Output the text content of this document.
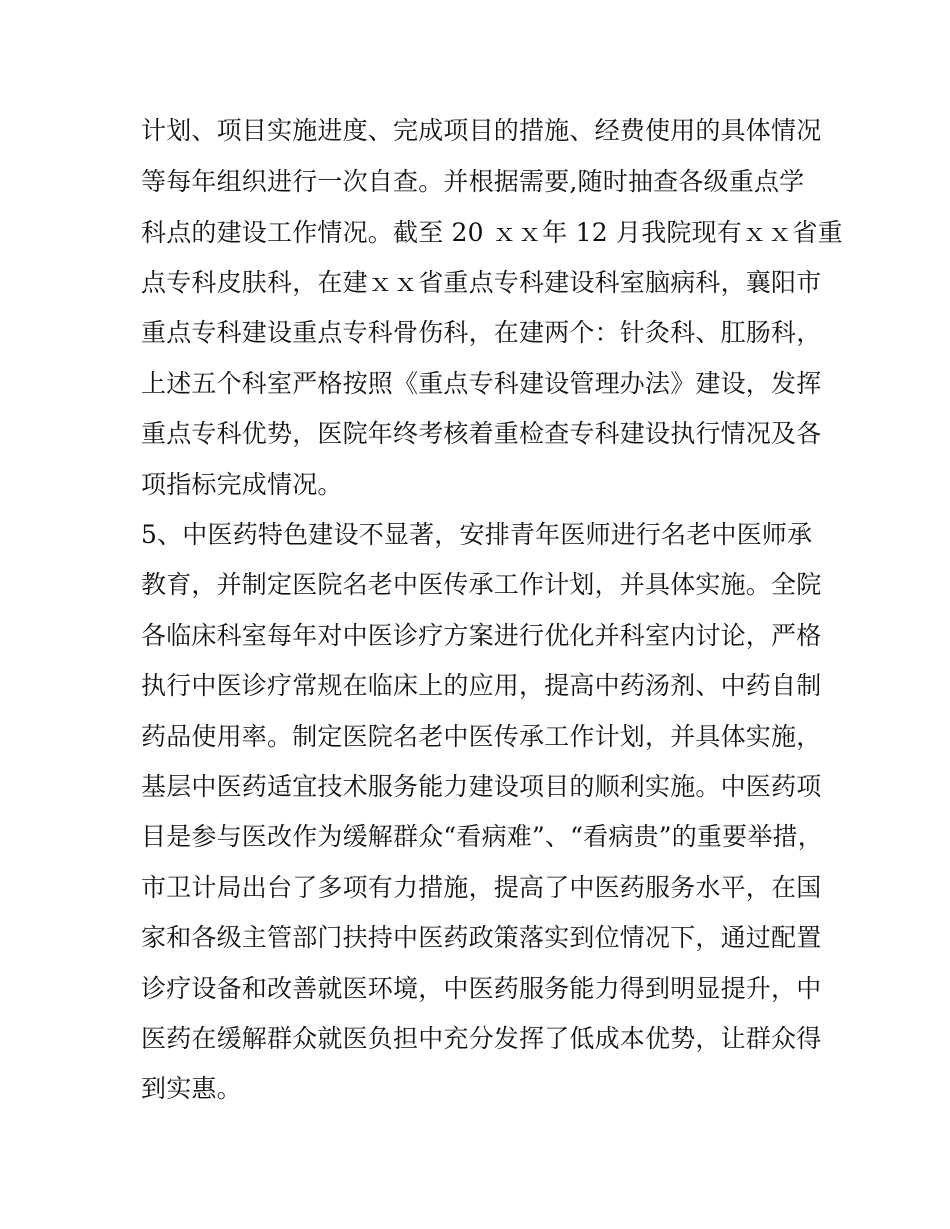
计划、项目实施进度、完成项目的措施、经费使用的具体情况
等每年组织进行一次自查。并根据需要,随时抽查各级重点学
科点的建设工作情况。截至 20 ｘｘ年 12 月我院现有ｘｘ省重
点专科皮肤科，在建ｘｘ省重点专科建设科室脑病科，襄阳市
重点专科建设重点专科骨伤科，在建两个：针灸科、肛肠科，
上述五个科室严格按照《重点专科建设管理办法》建设，发挥
重点专科优势，医院年终考核着重检查专科建设执行情况及各
项指标完成情况。
5、中医药特色建设不显著，安排青年医师进行名老中医师承
教育，并制定医院名老中医传承工作计划，并具体实施。全院
各临床科室每年对中医诊疗方案进行优化并科室内讨论，严格
执行中医诊疗常规在临床上的应用，提高中药汤剂、中药自制
药品使用率。制定医院名老中医传承工作计划，并具体实施，
基层中医药适宜技术服务能力建设项目的顺利实施。中医药项
目是参与医改作为缓解群众“看病难”、“看病贵”的重要举措，
市卫计局出台了多项有力措施，提高了中医药服务水平，在国
家和各级主管部门扶持中医药政策落实到位情况下，通过配置
诊疗设备和改善就医环境，中医药服务能力得到明显提升，中
医药在缓解群众就医负担中充分发挥了低成本优势，让群众得
到实惠。
